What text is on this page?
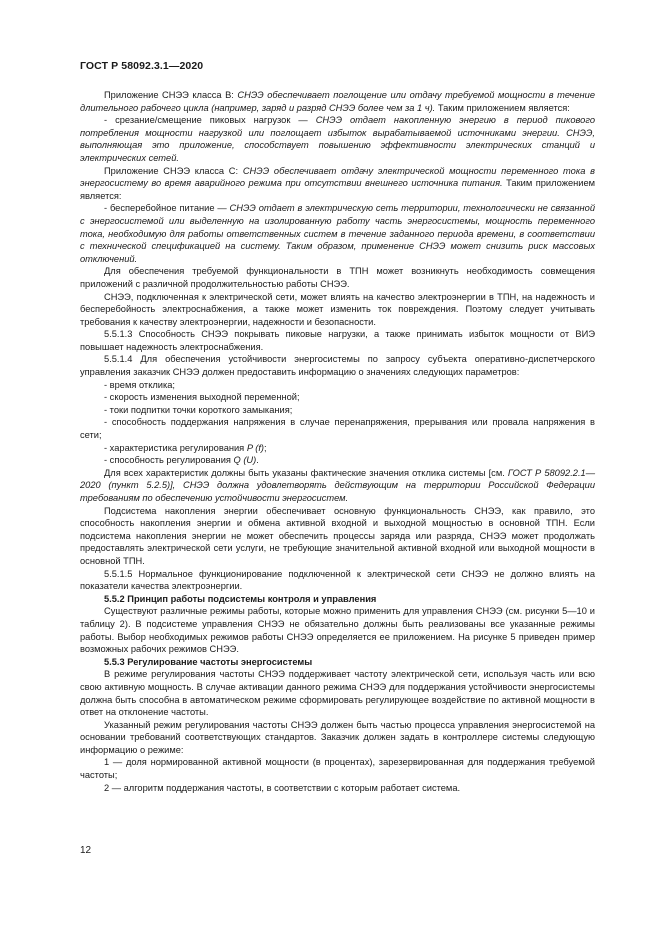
ГОСТ Р 58092.3.1—2020

Приложение СНЭЭ класса В: СНЭЭ обеспечивает поглощение или отдачу требуемой мощности в течение длительного рабочего цикла (например, заряд и разряд СНЭЭ более чем за 1 ч). Таким приложением является:

- срезание/смещение пиковых нагрузок — СНЭЭ отдает накопленную энергию в период пикового потребления мощности нагрузкой или поглощает избыток вырабатываемой источниками энергии. СНЭЭ, выполняющая это приложение, способствует повышению эффективности электрических станций и электрических сетей.

Приложение СНЭЭ класса С: СНЭЭ обеспечивает отдачу электрической мощности переменного тока в энергосистему во время аварийного режима при отсутствии внешнего источника питания. Таким приложением является:

- бесперебойное питание — СНЭЭ отдает в электрическую сеть территории, технологически не связанной с энергосистемой или выделенную на изолированную работу часть энергосистемы, мощность переменного тока, необходимую для работы ответственных систем в течение заданного периода времени, в соответствии с технической спецификацией на систему. Таким образом, применение СНЭЭ может снизить риск массовых отключений.

Для обеспечения требуемой функциональности в ТПН может возникнуть необходимость совмещения приложений с различной продолжительностью работы СНЭЭ.

СНЭЭ, подключенная к электрической сети, может влиять на качество электроэнергии в ТПН, на надежность и бесперебойность электроснабжения, а также может изменить ток повреждения. Поэтому следует учитывать требования к качеству электроэнергии, надежности и безопасности.

5.5.1.3 Способность СНЭЭ покрывать пиковые нагрузки, а также принимать избыток мощности от ВИЭ повышает надежность электроснабжения.

5.5.1.4 Для обеспечения устойчивости энергосистемы по запросу субъекта оперативно-диспетчерского управления заказчик СНЭЭ должен предоставить информацию о значениях следующих параметров:

- время отклика;

- скорость изменения выходной переменной;

- токи подпитки точки короткого замыкания;

- способность поддержания напряжения в случае перенапряжения, прерывания или провала напряжения в сети;

- характеристика регулирования P (f);

- способность регулирования Q (U).

Для всех характеристик должны быть указаны фактические значения отклика системы [см. ГОСТ Р 58092.2.1—2020 (пункт 5.2.5)], СНЭЭ должна удовлетворять действующим на территории Российской Федерации требованиям по обеспечению устойчивости энергосистем.

Подсистема накопления энергии обеспечивает основную функциональность СНЭЭ, как правило, это способность накопления энергии и обмена активной входной и выходной мощностью в основной ТПН. Если подсистема накопления энергии не может обеспечить процессы заряда или разряда, СНЭЭ может продолжать предоставлять электрической сети услуги, не требующие значительной активной входной или выходной мощности в основной ТПН.

5.5.1.5 Нормальное функционирование подключенной к электрической сети СНЭЭ не должно влиять на показатели качества электроэнергии.

5.5.2 Принцип работы подсистемы контроля и управления

Существуют различные режимы работы, которые можно применить для управления СНЭЭ (см. рисунки 5—10 и таблицу 2). В подсистеме управления СНЭЭ не обязательно должны быть реализованы все указанные режимы работы. Выбор необходимых режимов работы СНЭЭ определяется ее приложением. На рисунке 5 приведен пример возможных рабочих режимов СНЭЭ.

5.5.3 Регулирование частоты энергосистемы

В режиме регулирования частоты СНЭЭ поддерживает частоту электрической сети, используя часть или всю свою активную мощность. В случае активации данного режима СНЭЭ для поддержания устойчивости энергосистемы должна быть способна в автоматическом режиме сформировать регулирующее воздействие по активной мощности в ответ на отклонение частоты.

Указанный режим регулирования частоты СНЭЭ должен быть частью процесса управления энергосистемой на основании требований соответствующих стандартов. Заказчик должен задать в контроллере системы следующую информацию о режиме:

1 — доля нормированной активной мощности (в процентах), зарезервированная для поддержания требуемой частоты;

2 — алгоритм поддержания частоты, в соответствии с которым работает система.

12
